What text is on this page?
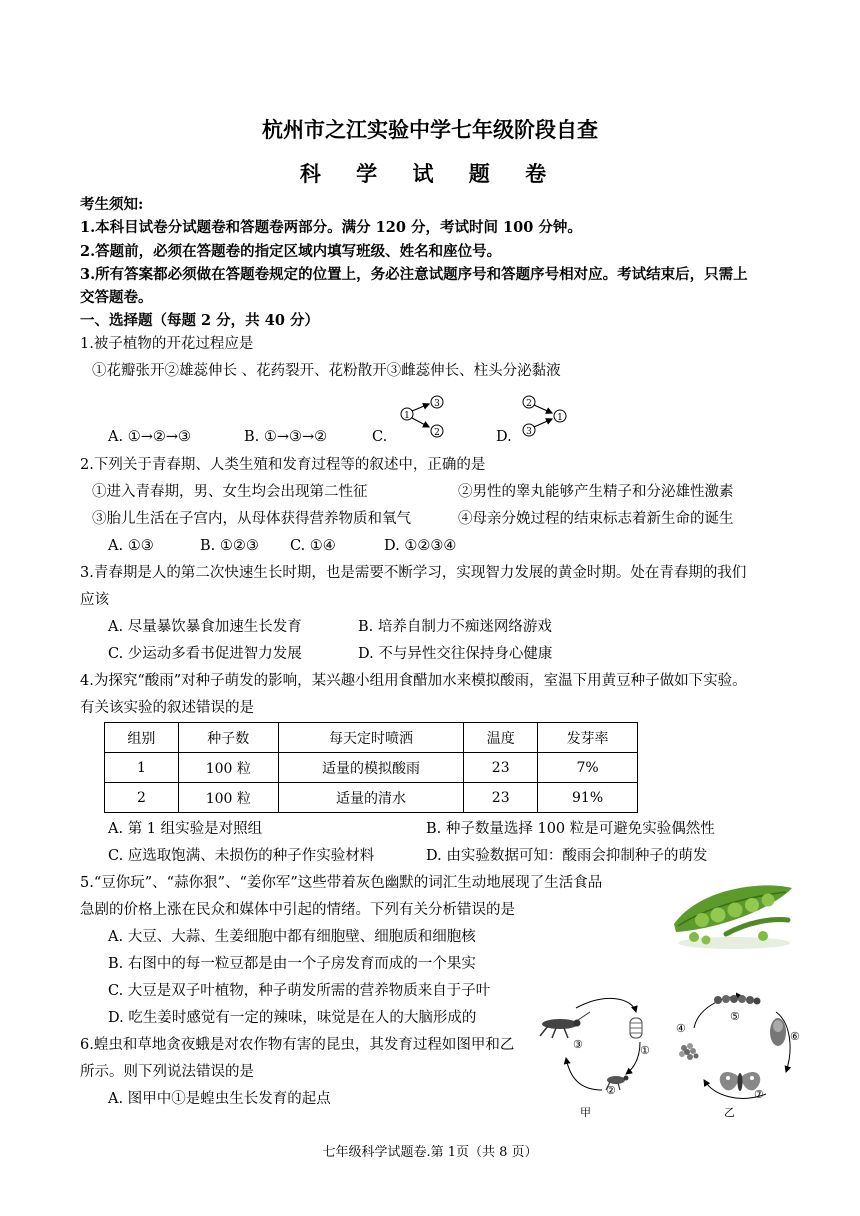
杭州市之江实验中学七年级阶段自查
科 学 试 题 卷
考生须知:
1.本科目试卷分试题卷和答题卷两部分。满分 120 分，考试时间 100 分钟。
2.答题前，必须在答题卷的指定区域内填写班级、姓名和座位号。
3.所有答案都必须做在答题卷规定的位置上，务必注意试题序号和答题序号相对应。考试结束后，只需上
交答题卷。
一、选择题（每题 2 分，共 40 分）
1.被子植物的开花过程应是
①花瓣张开②雄蕊伸长 、花药裂开、花粉散开③雌蕊伸长、柱头分泌黏液
A. ①→②→③	B. ①→③→②	C.
1
3
2	D.
2
1
3
2.下列关于青春期、人类生殖和发育过程等的叙述中，正确的是
①进入青春期，男、女生均会出现第二性征	②男性的睾丸能够产生精子和分泌雄性激素
③胎儿生活在子宫内，从母体获得营养物质和氧气	④母亲分娩过程的结束标志着新生命的诞生
A. ①③	B. ①②③ C. ①④	D. ①②③④
3.青春期是人的第二次快速生长时期，也是需要不断学习，实现智力发展的黄金时期。处在青春期的我们
应该
A. 尽量暴饮暴食加速生长发育	B. 培养自制力不痴迷网络游戏
C. 少运动多看书促进智力发展	D. 不与异性交往保持身心健康
4.为探究“酸雨”对种子萌发的影响，某兴趣小组用食醋加水来模拟酸雨，室温下用黄豆种子做如下实验。
有关该实验的叙述错误的是
组别	种子数	每天定时喷洒	温度	发芽率
1	100 粒	适量的模拟酸雨	23	7%
2	100 粒	适量的清水	23	91%
A. 第 1 组实验是对照组	B. 种子数量选择 100 粒是可避免实验偶然性
C. 应选取饱满、未损伤的种子作实验材料	D. 由实验数据可知：酸雨会抑制种子的萌发
5.“豆你玩”、“蒜你狠”、“姜你军”这些带着灰色幽默的词汇生动地展现了生活食品
急剧的价格上涨在民众和媒体中引起的情绪。下列有关分析错误的是
A. 大豆、大蒜、生姜细胞中都有细胞壁、细胞质和细胞核
B. 右图中的每一粒豆都是由一个子房发育而成的一个果实
C. 大豆是双子叶植物，种子萌发所需的营养物质来自于子叶
D. 吃生姜时感觉有一定的辣味，味觉是在人的大脑形成的
6.蝗虫和草地贪夜蛾是对农作物有害的昆虫，其发育过程如图甲和乙
所示。则下列说法错误的是
A. 图甲中①是蝗虫生长发育的起点
③	①
②
甲
④
⑤
⑥
⑦
乙
七年级科学试题卷.第 1页（共 8 页）
